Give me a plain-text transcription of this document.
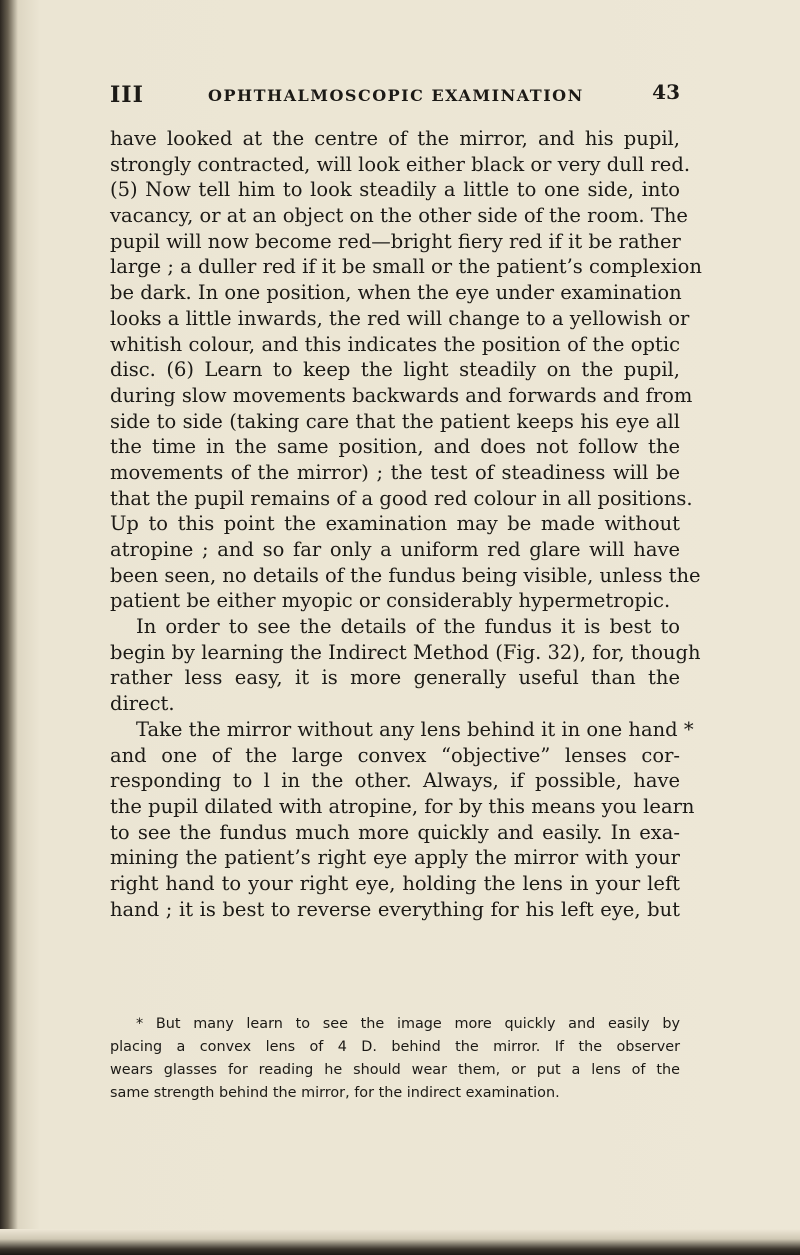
III	OPHTHALMOSCOPIC EXAMINATION	43
have looked at the centre of the mirror, and his pupil,
strongly contracted, will look either black or very dull red.
(5) Now tell him to look steadily a little to one side, into
vacancy, or at an object on the other side of the room. The
pupil will now become red—bright fiery red if it be rather
large ; a duller red if it be small or the patient’s complexion
be dark. In one position, when the eye under examination
looks a little inwards, the red will change to a yellowish or
whitish colour, and this indicates the position of the optic
disc. (6) Learn to keep the light steadily on the pupil,
during slow movements backwards and forwards and from
side to side (taking care that the patient keeps his eye all
the time in the same position, and does not follow the
movements of the mirror) ; the test of steadiness will be
that the pupil remains of a good red colour in all positions.
Up to this point the examination may be made without
atropine ; and so far only a uniform red glare will have
been seen, no details of the fundus being visible, unless the
patient be either myopic or considerably hypermetropic.
In order to see the details of the fundus it is best to
begin by learning the Indirect Method (Fig. 32), for, though
rather less easy, it is more generally useful than the
direct.
Take the mirror without any lens behind it in one hand *
and one of the large convex “objective” lenses cor-
responding to l in the other. Always, if possible, have
the pupil dilated with atropine, for by this means you learn
to see the fundus much more quickly and easily. In exa-
mining the patient’s right eye apply the mirror with your
right hand to your right eye, holding the lens in your left
hand ; it is best to reverse everything for his left eye, but
* But many learn to see the image more quickly and easily by
placing a convex lens of 4 D. behind the mirror. If the observer
wears glasses for reading he should wear them, or put a lens of the
same strength behind the mirror, for the indirect examination.
